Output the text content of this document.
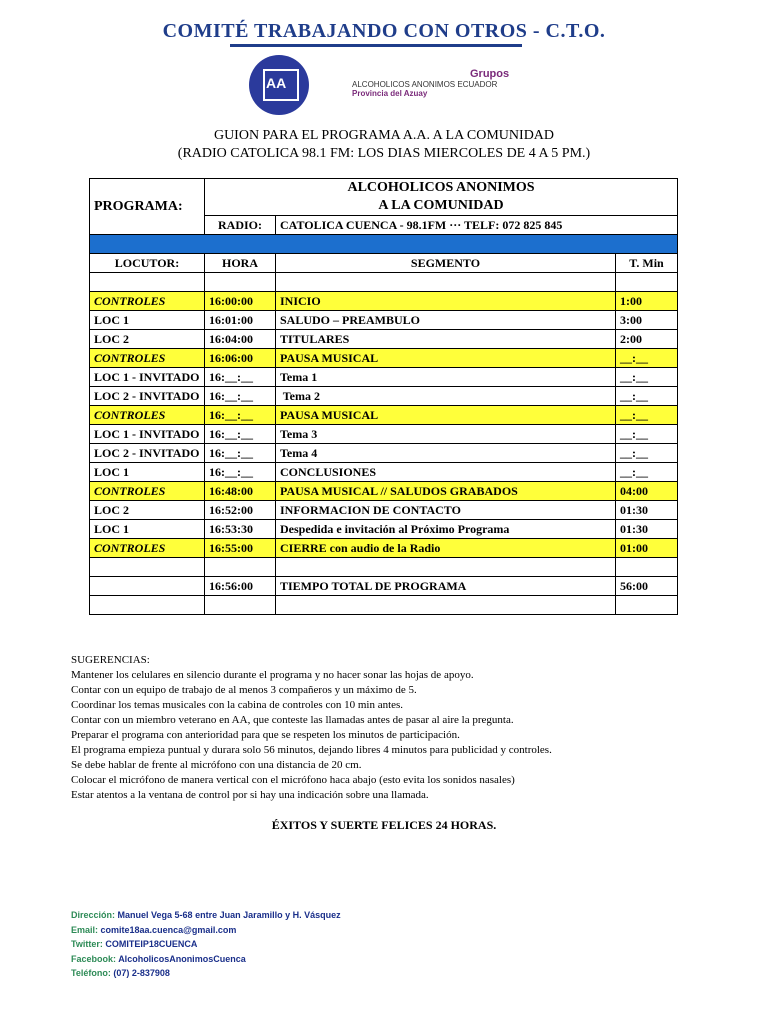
COMITÉ TRABAJANDO CON OTROS - C.T.O.
AA
Grupos
ALCOHOLICOS ANONIMOS ECUADOR
Provincia del Azuay
GUION PARA EL PROGRAMA A.A. A LA COMUNIDAD
(RADIO CATOLICA 98.1 FM: LOS DIAS MIERCOLES DE 4 A 5 PM.)
PROGRAMA:	ALCOHOLICOS ANONIMOS
A LA COMUNIDAD		

	RADIO:	CATOLICA CUENCA - 98.1FM ··· TELF: 072 825 845	

LOCUTOR:	HORA	SEGMENTO	T. Min

CONTROLES	16:00:00	INICIO	1:00
LOC 1	16:01:00	SALUDO – PREAMBULO	3:00
LOC 2	16:04:00	TITULARES	2:00
CONTROLES	16:06:00	PAUSA MUSICAL	__:__
LOC 1 - INVITADO	16:__:__	Tema 1	__:__
LOC 2 - INVITADO	16:__:__	Tema 2	__:__
CONTROLES	16:__:__	PAUSA MUSICAL	__:__
LOC 1 - INVITADO	16:__:__	Tema 3	__:__
LOC 2 - INVITADO	16:__:__	Tema 4	__:__
LOC 1	16:__:__	CONCLUSIONES	__:__
CONTROLES	16:48:00	PAUSA MUSICAL // SALUDOS GRABADOS	04:00
LOC 2	16:52:00	INFORMACION DE CONTACTO	01:30
LOC 1	16:53:30	Despedida e invitación al Próximo Programa	01:30
CONTROLES	16:55:00	CIERRE con audio de la Radio	01:00

	16:56:00	TIEMPO TOTAL DE PROGRAMA	56:00

SUGERENCIAS:
Mantener los celulares en silencio durante el programa y no hacer sonar las hojas de apoyo.
Contar con un equipo de trabajo de al menos 3 compañeros y un máximo de 5.
Coordinar los temas musicales con la cabina de controles con 10 min antes.
Contar con un miembro veterano en AA, que conteste las llamadas antes de pasar al aire la pregunta.
Preparar el programa con anterioridad para que se respeten los minutos de participación.
El programa empieza puntual y durara solo 56 minutos, dejando libres 4 minutos para publicidad y controles.
Se debe hablar de frente al micrófono con una distancia de 20 cm.
Colocar el micrófono de manera vertical con el micrófono haca abajo (esto evita los sonidos nasales)
Estar atentos a la ventana de control por si hay una indicación sobre una llamada.
ÉXITOS Y SUERTE FELICES 24 HORAS.
Dirección: Manuel Vega 5-68 entre Juan Jaramillo y H. Vásquez
Email: comite18aa.cuenca@gmail.com
Twitter: COMITEIP18CUENCA
Facebook: AlcoholicosAnonimosCuenca
Teléfono: (07) 2-837908
